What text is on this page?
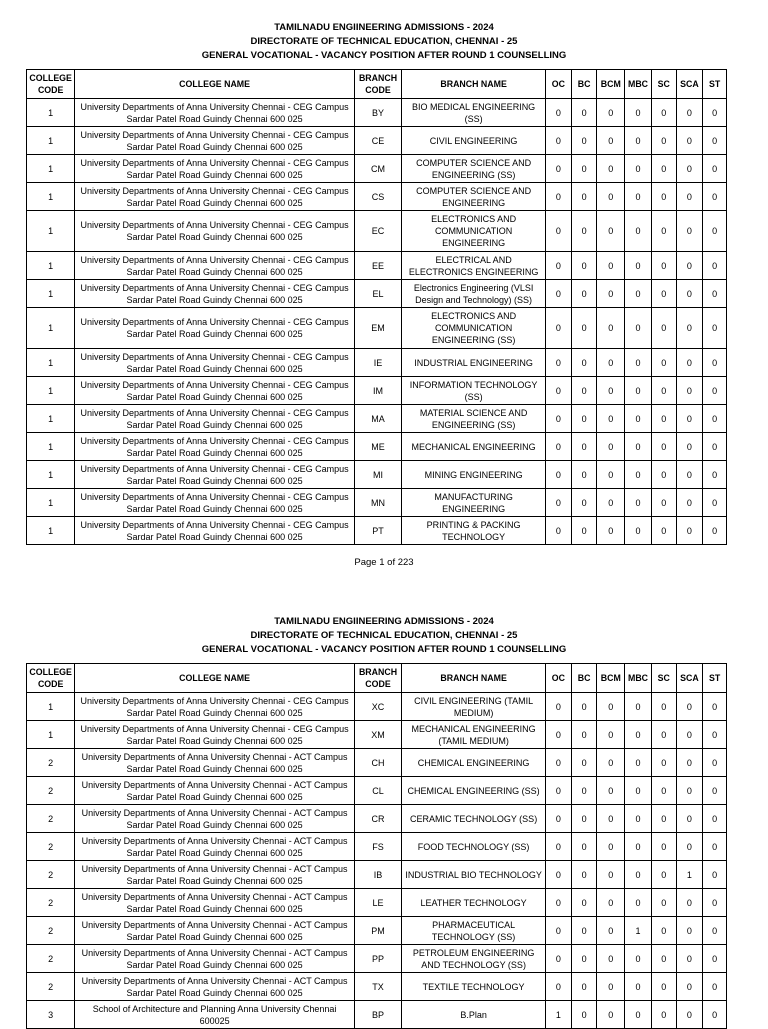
TAMILNADU ENGIINEERING ADMISSIONS - 2024
DIRECTORATE OF TECHNICAL EDUCATION, CHENNAI - 25
GENERAL VOCATIONAL - VACANCY POSITION AFTER ROUND 1 COUNSELLING
COLLEGE
CODE	COLLEGE NAME	BRANCH
CODE	BRANCH NAME	OC	BC	BCM	MBC	SC	SCA	ST
1	University Departments of Anna University Chennai - CEG Campus Sardar Patel Road Guindy Chennai 600 025	BY	BIO MEDICAL ENGINEERING (SS)	0	0	0	0	0	0	0
1	University Departments of Anna University Chennai - CEG Campus Sardar Patel Road Guindy Chennai 600 025	CE	CIVIL ENGINEERING	0	0	0	0	0	0	0
1	University Departments of Anna University Chennai - CEG Campus Sardar Patel Road Guindy Chennai 600 025	CM	COMPUTER SCIENCE AND ENGINEERING (SS)	0	0	0	0	0	0	0
1	University Departments of Anna University Chennai - CEG Campus Sardar Patel Road Guindy Chennai 600 025	CS	COMPUTER SCIENCE AND ENGINEERING	0	0	0	0	0	0	0
1	University Departments of Anna University Chennai - CEG Campus Sardar Patel Road Guindy Chennai 600 025	EC	ELECTRONICS AND COMMUNICATION ENGINEERING	0	0	0	0	0	0	0
1	University Departments of Anna University Chennai - CEG Campus Sardar Patel Road Guindy Chennai 600 025	EE	ELECTRICAL AND ELECTRONICS ENGINEERING	0	0	0	0	0	0	0
1	University Departments of Anna University Chennai - CEG Campus Sardar Patel Road Guindy Chennai 600 025	EL	Electronics Engineering (VLSI Design and Technology) (SS)	0	0	0	0	0	0	0
1	University Departments of Anna University Chennai - CEG Campus Sardar Patel Road Guindy Chennai 600 025	EM	ELECTRONICS AND COMMUNICATION ENGINEERING (SS)	0	0	0	0	0	0	0
1	University Departments of Anna University Chennai - CEG Campus Sardar Patel Road Guindy Chennai 600 025	IE	INDUSTRIAL ENGINEERING	0	0	0	0	0	0	0
1	University Departments of Anna University Chennai - CEG Campus Sardar Patel Road Guindy Chennai 600 025	IM	INFORMATION TECHNOLOGY (SS)	0	0	0	0	0	0	0
1	University Departments of Anna University Chennai - CEG Campus Sardar Patel Road Guindy Chennai 600 025	MA	MATERIAL SCIENCE AND ENGINEERING (SS)	0	0	0	0	0	0	0
1	University Departments of Anna University Chennai - CEG Campus Sardar Patel Road Guindy Chennai 600 025	ME	MECHANICAL ENGINEERING	0	0	0	0	0	0	0
1	University Departments of Anna University Chennai - CEG Campus Sardar Patel Road Guindy Chennai 600 025	MI	MINING ENGINEERING	0	0	0	0	0	0	0
1	University Departments of Anna University Chennai - CEG Campus Sardar Patel Road Guindy Chennai 600 025	MN	MANUFACTURING ENGINEERING	0	0	0	0	0	0	0
1	University Departments of Anna University Chennai - CEG Campus Sardar Patel Road Guindy Chennai 600 025	PT	PRINTING & PACKING TECHNOLOGY	0	0	0	0	0	0	0
Page 1 of 223
TAMILNADU ENGIINEERING ADMISSIONS - 2024
DIRECTORATE OF TECHNICAL EDUCATION, CHENNAI - 25
GENERAL VOCATIONAL - VACANCY POSITION AFTER ROUND 1 COUNSELLING
COLLEGE
CODE	COLLEGE NAME	BRANCH
CODE	BRANCH NAME	OC	BC	BCM	MBC	SC	SCA	ST
1	University Departments of Anna University Chennai - CEG Campus Sardar Patel Road Guindy Chennai 600 025	XC	CIVIL ENGINEERING (TAMIL MEDIUM)	0	0	0	0	0	0	0
1	University Departments of Anna University Chennai - CEG Campus Sardar Patel Road Guindy Chennai 600 025	XM	MECHANICAL ENGINEERING (TAMIL MEDIUM)	0	0	0	0	0	0	0
2	University Departments of Anna University Chennai - ACT Campus Sardar Patel Road Guindy Chennai 600 025	CH	CHEMICAL ENGINEERING	0	0	0	0	0	0	0
2	University Departments of Anna University Chennai - ACT Campus Sardar Patel Road Guindy Chennai 600 025	CL	CHEMICAL ENGINEERING (SS)	0	0	0	0	0	0	0
2	University Departments of Anna University Chennai - ACT Campus Sardar Patel Road Guindy Chennai 600 025	CR	CERAMIC TECHNOLOGY (SS)	0	0	0	0	0	0	0
2	University Departments of Anna University Chennai - ACT Campus Sardar Patel Road Guindy Chennai 600 025	FS	FOOD TECHNOLOGY (SS)	0	0	0	0	0	0	0
2	University Departments of Anna University Chennai - ACT Campus Sardar Patel Road Guindy Chennai 600 025	IB	INDUSTRIAL BIO TECHNOLOGY	0	0	0	0	0	1	0
2	University Departments of Anna University Chennai - ACT Campus Sardar Patel Road Guindy Chennai 600 025	LE	LEATHER TECHNOLOGY	0	0	0	0	0	0	0
2	University Departments of Anna University Chennai - ACT Campus Sardar Patel Road Guindy Chennai 600 025	PM	PHARMACEUTICAL TECHNOLOGY (SS)	0	0	0	1	0	0	0
2	University Departments of Anna University Chennai - ACT Campus Sardar Patel Road Guindy Chennai 600 025	PP	PETROLEUM ENGINEERING AND TECHNOLOGY (SS)	0	0	0	0	0	0	0
2	University Departments of Anna University Chennai - ACT Campus Sardar Patel Road Guindy Chennai 600 025	TX	TEXTILE TECHNOLOGY	0	0	0	0	0	0	0
3	School of Architecture and Planning Anna University Chennai 600025	BP	B.Plan	1	0	0	0	0	0	0
